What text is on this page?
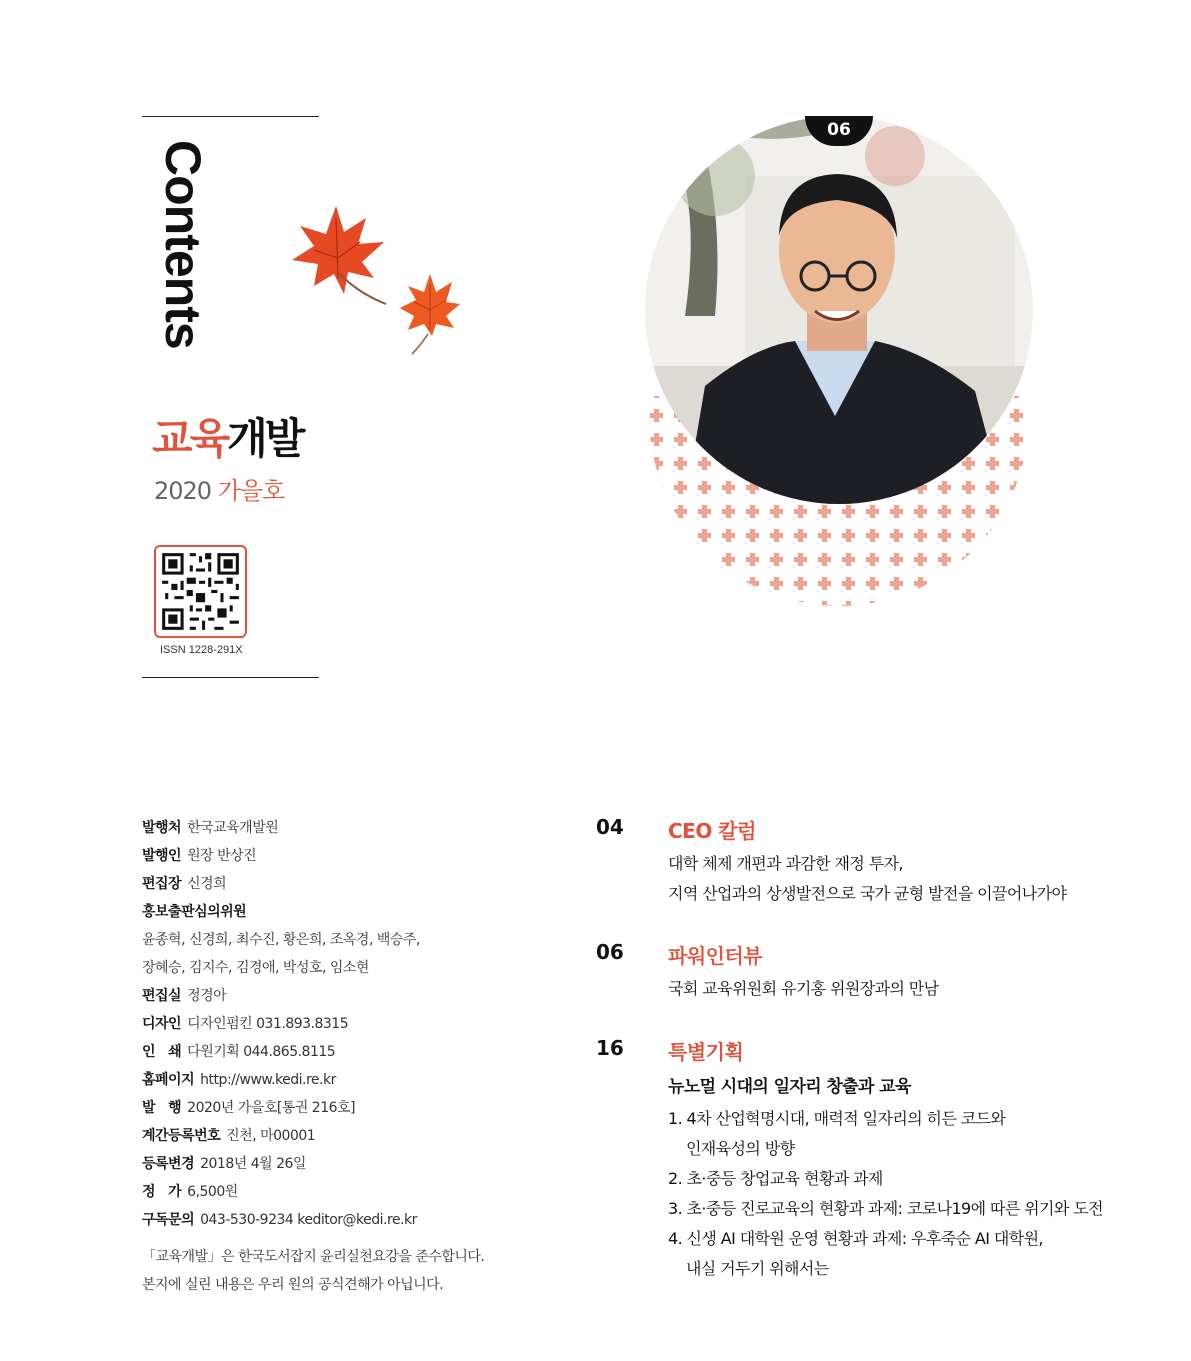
Contents
교육개발
2020 가을호
ISSN 1228-291X
06
발행처 한국교육개발원
발행인 원장 반상진
편집장 신경희
홍보출판심의위원
윤종혁, 신경희, 최수진, 황은희, 조옥경, 백승주,
장혜승, 김지수, 김경애, 박성호, 임소현
편집실 정경아
디자인 디자인펌킨 031.893.8315
인   쇄 다원기획 044.865.8115
홈페이지 http://www.kedi.re.kr
발   행 2020년 가을호[통권 216호]
계간등록번호 진천, 마00001
등록변경 2018년 4월 26일
정   가 6,500원
구독문의 043-530-9234 keditor@kedi.re.kr
「교육개발」은 한국도서잡지 윤리실천요강을 준수합니다.
본지에 실린 내용은 우리 원의 공식견해가 아닙니다.
04 CEO 칼럼
대학 체제 개편과 과감한 재정 투자,
지역 산업과의 상생발전으로 국가 균형 발전을 이끌어나가야
06 파워인터뷰
국회 교육위원회 유기홍 위원장과의 만남
16 특별기획
뉴노멀 시대의 일자리 창출과 교육
1. 4차 산업혁명시대, 매력적 일자리의 히든 코드와
인재육성의 방향
2. 초·중등 창업교육 현황과 과제
3. 초·중등 진로교육의 현황과 과제: 코로나19에 따른 위기와 도전
4. 신생 AI 대학원 운영 현황과 과제: 우후죽순 AI 대학원,
내실 거두기 위해서는
